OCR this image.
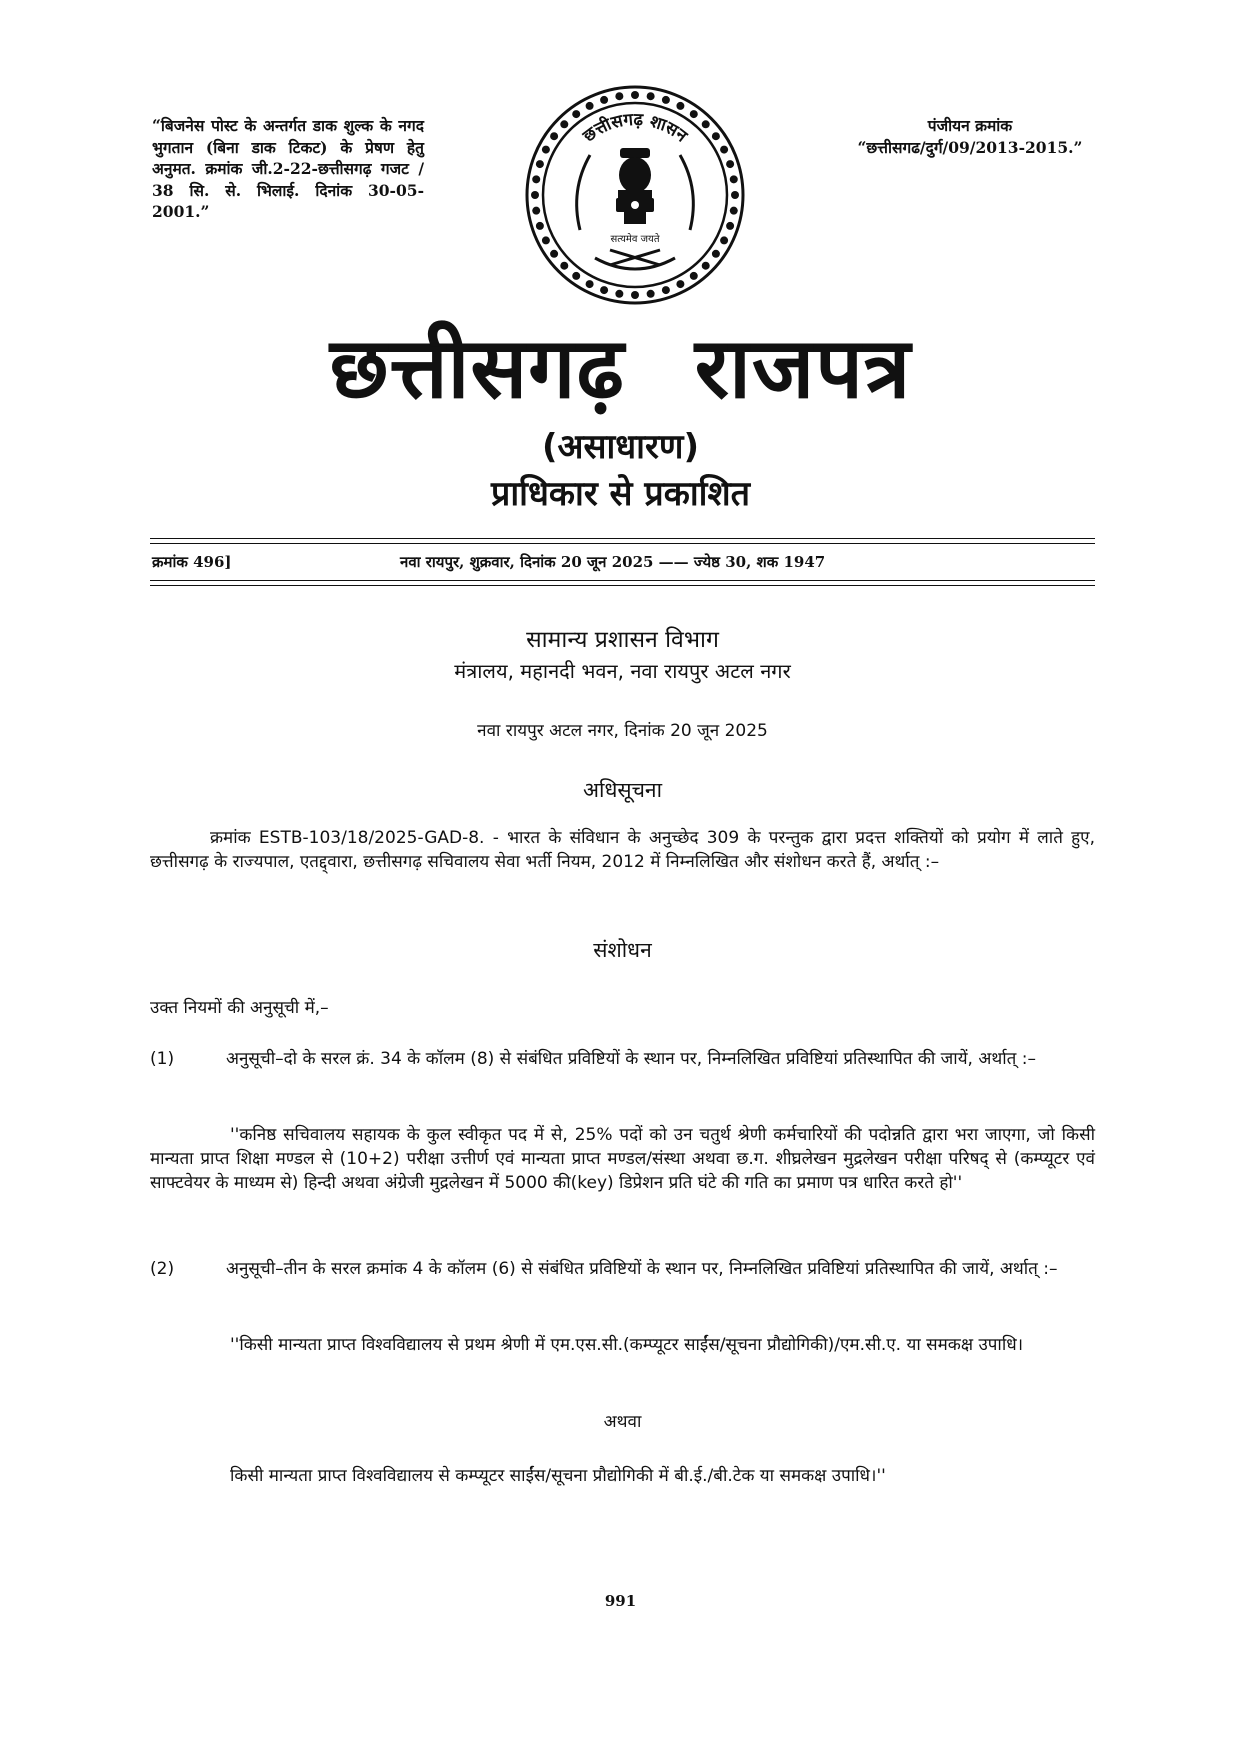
“बिजनेस पोस्ट के अन्तर्गत डाक शुल्क के नगद भुगतान (बिना डाक टिकट) के प्रेषण हेतु अनुमत. क्रमांक जी.2-22-छत्तीसगढ़ गजट / 38 सि. से. भिलाई. दिनांक 30-05-2001.”
पंजीयन क्रमांक
“छत्तीसगढ/दुर्ग/09/2013-2015.”
छत्तीसगढ़ शासन
सत्यमेव जयते
छत्तीसगढ़ राजपत्र
(असाधारण)
प्राधिकार से प्रकाशित
क्रमांक 496]	नवा रायपुर, शुक्रवार, दिनांक 20 जून 2025 —— ज्येष्ठ 30, शक 1947
सामान्य प्रशासन विभाग
मंत्रालय, महानदी भवन, नवा रायपुर अटल नगर
नवा रायपुर अटल नगर, दिनांक 20 जून 2025
अधिसूचना
क्रमांक ESTB-103/18/2025-GAD-8. - भारत के संविधान के अनुच्छेद 309 के परन्तुक द्वारा प्रदत्त शक्तियों को प्रयोग में लाते हुए, छत्तीसगढ़ के राज्यपाल, एतद्द्वारा, छत्तीसगढ़ सचिवालय सेवा भर्ती नियम, 2012 में निम्नलिखित और संशोधन करते हैं, अर्थात् :–
संशोधन
उक्त नियमों की अनुसूची में,–
(1)	अनुसूची–दो के सरल क्रं. 34 के कॉलम (8) से संबंधित प्रविष्टियों के स्थान पर, निम्नलिखित प्रविष्टियां प्रतिस्थापित की जायें, अर्थात् :–
''कनिष्ठ सचिवालय सहायक के कुल स्वीकृत पद में से, 25% पदों को उन चतुर्थ श्रेणी कर्मचारियों की पदोन्नति द्वारा भरा जाएगा, जो किसी मान्यता प्राप्त शिक्षा मण्डल से (10+2) परीक्षा उत्तीर्ण एवं मान्यता प्राप्त मण्डल/संस्था अथवा छ.ग. शीघ्रलेखन मुद्रलेखन परीक्षा परिषद् से (कम्प्यूटर एवं साफ्टवेयर के माध्यम से) हिन्दी अथवा अंग्रेजी मुद्रलेखन में 5000 की(key) डिप्रेशन प्रति घंटे की गति का प्रमाण पत्र धारित करते हो''
(2)	अनुसूची–तीन के सरल क्रमांक 4 के कॉलम (6) से संबंधित प्रविष्टियों के स्थान पर, निम्नलिखित प्रविष्टियां प्रतिस्थापित की जायें, अर्थात् :–
''किसी मान्यता प्राप्त विश्वविद्यालय से प्रथम श्रेणी में एम.एस.सी.(कम्प्यूटर साईंस/सूचना प्रौद्योगिकी)/एम.सी.ए. या समकक्ष उपाधि।
अथवा
किसी मान्यता प्राप्त विश्वविद्यालय से कम्प्यूटर साईंस/सूचना प्रौद्योगिकी में बी.ई./बी.टेक या समकक्ष उपाधि।''
991
